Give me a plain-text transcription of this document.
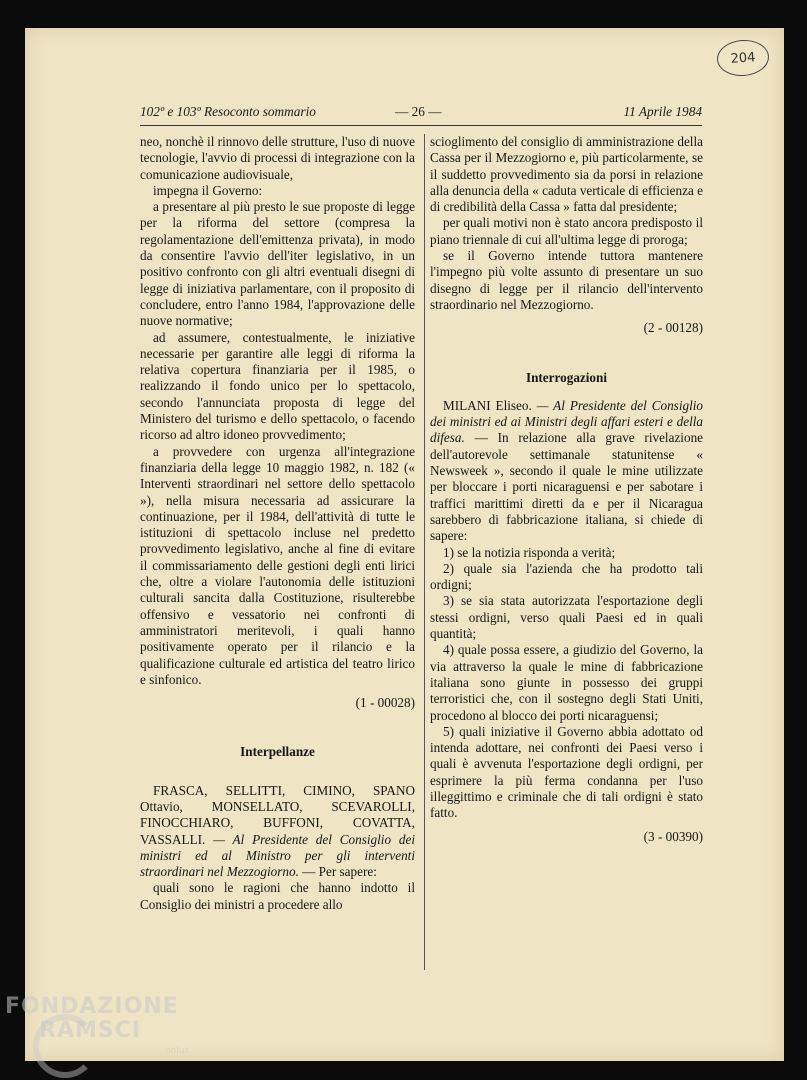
204
102º e 103º Resoconto sommario	— 26 —	11 Aprile 1984

neo, nonchè il rinnovo delle strutture, l'uso di nuove tecnologie, l'avvio di processi di integrazione con la comunicazione audiovisuale,

impegna il Governo:

a presentare al più presto le sue proposte di legge per la riforma del settore (compresa la regolamentazione dell'emittenza privata), in modo da consentire l'avvio dell'iter legislativo, in un positivo confronto con gli altri eventuali disegni di legge di iniziativa parlamentare, con il proposito di concludere, entro l'anno 1984, l'approvazione delle nuove normative;

ad assumere, contestualmente, le iniziative necessarie per garantire alle leggi di riforma la relativa copertura finanziaria per il 1985, o realizzando il fondo unico per lo spettacolo, secondo l'annunciata proposta di legge del Ministero del turismo e dello spettacolo, o facendo ricorso ad altro idoneo provvedimento;

a provvedere con urgenza all'integrazione finanziaria della legge 10 maggio 1982, n. 182 (« Interventi straordinari nel settore dello spettacolo »), nella misura necessaria ad assicurare la continuazione, per il 1984, dell'attività di tutte le istituzioni di spettacolo incluse nel predetto provvedimento legislativo, anche al fine di evitare il commissariamento delle gestioni degli enti lirici che, oltre a violare l'autonomia delle istituzioni culturali sancita dalla Costituzione, risulterebbe offensivo e vessatorio nei confronti di amministratori meritevoli, i quali hanno positivamente operato per il rilancio e la qualificazione culturale ed artistica del teatro lirico e sinfonico.

(1 - 00028)

Interpellanze

FRASCA, SELLITTI, CIMINO, SPANO Ottavio, MONSELLATO, SCEVAROLLI, FINOCCHIARO, BUFFONI, COVATTA, VASSALLI. — Al Presidente del Consiglio dei ministri ed al Ministro per gli interventi straordinari nel Mezzogiorno. — Per sapere:

quali sono le ragioni che hanno indotto il Consiglio dei ministri a procedere allo

scioglimento del consiglio di amministrazione della Cassa per il Mezzogiorno e, più particolarmente, se il suddetto provvedimento sia da porsi in relazione alla denuncia della « caduta verticale di efficienza e di credibilità della Cassa » fatta dal presidente;

per quali motivi non è stato ancora predisposto il piano triennale di cui all'ultima legge di proroga;

se il Governo intende tuttora mantenere l'impegno più volte assunto di presentare un suo disegno di legge per il rilancio dell'intervento straordinario nel Mezzogiorno.

(2 - 00128)

Interrogazioni

MILANI Eliseo. — Al Presidente del Consiglio dei ministri ed ai Ministri degli affari esteri e della difesa. — In relazione alla grave rivelazione dell'autorevole settimanale statunitense « Newsweek », secondo il quale le mine utilizzate per bloccare i porti nicaraguensi e per sabotare i traffici marittimi diretti da e per il Nicaragua sarebbero di fabbricazione italiana, si chiede di sapere:

1) se la notizia risponda a verità;

2) quale sia l'azienda che ha prodotto tali ordigni;

3) se sia stata autorizzata l'esportazione degli stessi ordigni, verso quali Paesi ed in quali quantità;

4) quale possa essere, a giudizio del Governo, la via attraverso la quale le mine di fabbricazione italiana sono giunte in possesso dei gruppi terroristici che, con il sostegno degli Stati Uniti, procedono al blocco dei porti nicaraguensi;

5) quali iniziative il Governo abbia adottato od intenda adottare, nei confronti dei Paesi verso i quali è avvenuta l'esportazione degli ordigni, per esprimere la più ferma condanna per l'uso illeggittimo e criminale che di tali ordigni è stato fatto.

(3 - 00390)

FONDAZIONE
RAMSCI
onlus
